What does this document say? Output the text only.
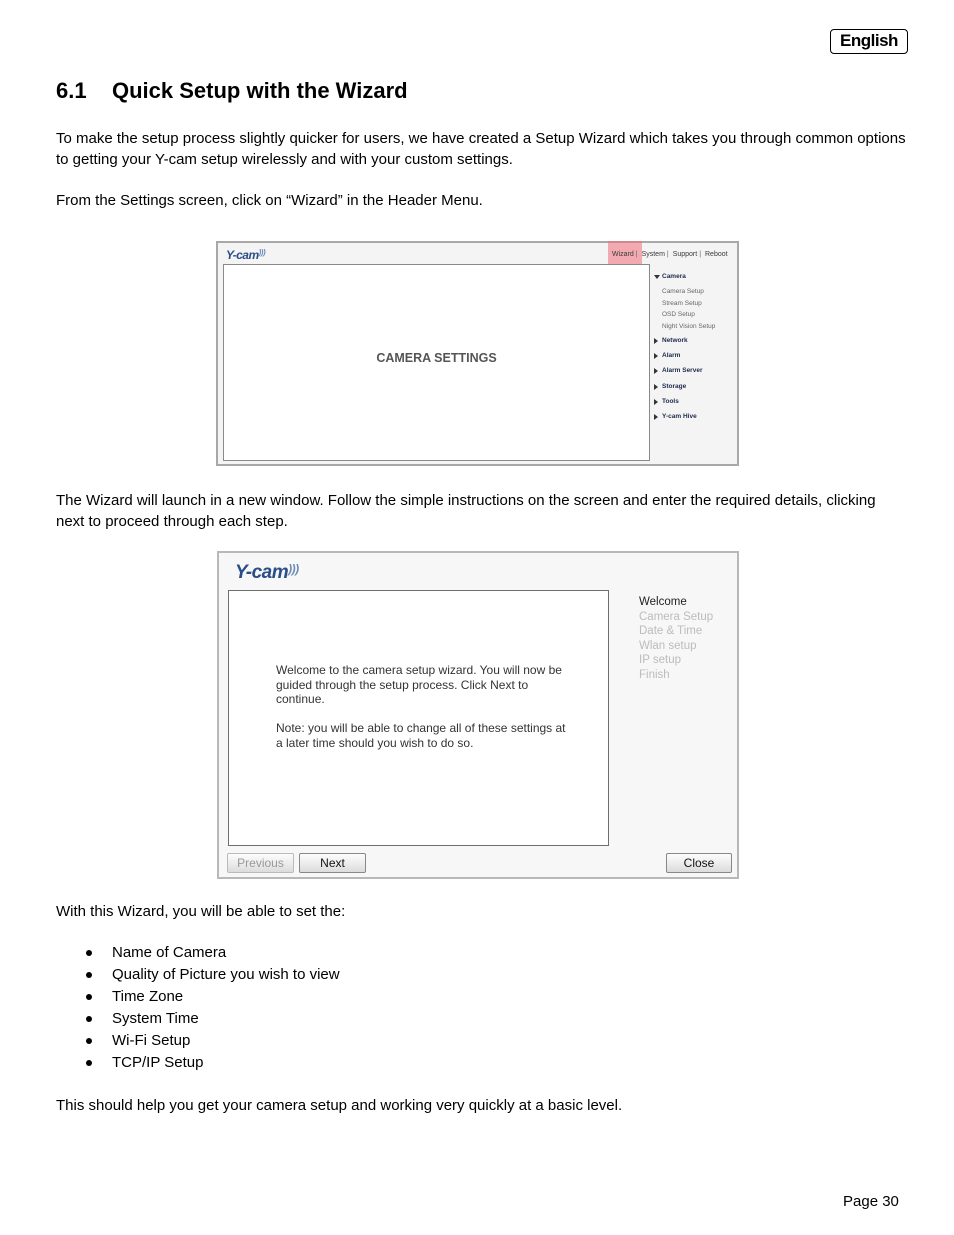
English
6.1 Quick Setup with the Wizard
To make the setup process slightly quicker for users, we have created a Setup Wizard which takes you through common options to getting your Y-cam setup wirelessly and with your custom settings.
From the Settings screen, click on “Wizard” in the Header Menu.
Y-cam)))	Wizard | System | Support | Reboot
CAMERA SETTINGS
Camera
Camera Setup
Stream Setup
OSD Setup
Night Vision Setup
Network
Alarm
Alarm Server
Storage
Tools
Y-cam Hive
The Wizard will launch in a new window. Follow the simple instructions on the screen and enter the required details, clicking next to proceed through each step.
Y-cam)))

Welcome to the camera setup wizard. You will now be guided through the setup process. Click Next to continue.

Note: you will be able to change all of these settings at a later time should you wish to do so.

Welcome
Camera Setup
Date & Time
Wlan setup
IP setup
Finish
Previous	Next	Close
With this Wizard, you will be able to set the:
Name of Camera
Quality of Picture you wish to view
Time Zone
System Time
Wi-Fi Setup
TCP/IP Setup
This should help you get your camera setup and working very quickly at a basic level.
Page 30
